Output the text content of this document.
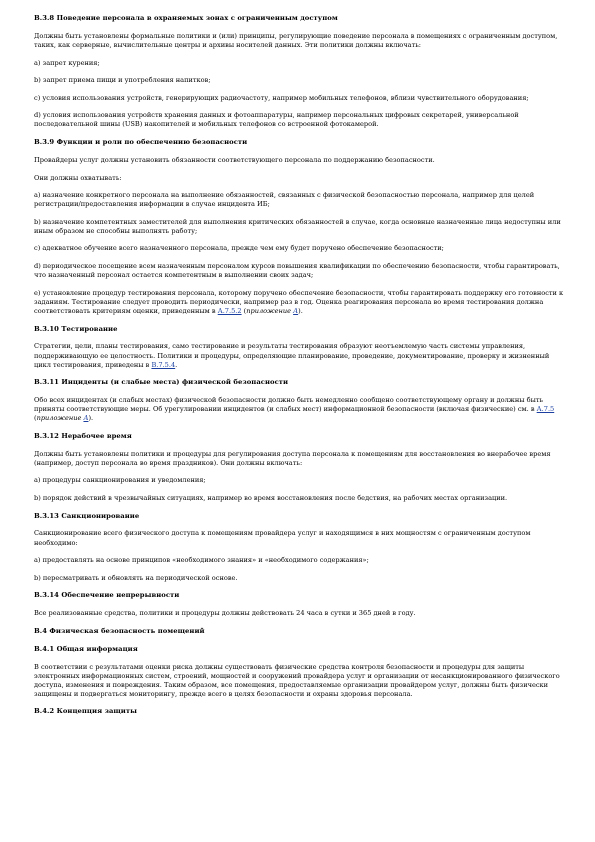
В.3.8 Поведение персонала в охраняемых зонах с ограниченным доступом
Должны быть установлены формальные политики и (или) принципы, регулирующие поведение персонала в помещениях с ограниченным доступом, таких, как серверные, вычислительные центры и архивы носителей данных. Эти политики должны включать:
a) запрет курения;
b) запрет приема пищи и употребления напитков;
c) условия использования устройств, генерирующих радиочастоту, например мобильных телефонов, вблизи чувствительного оборудования;
d) условия использования устройств хранения данных и фотоаппаратуры, например персональных цифровых секретарей, универсальной последовательной шины (USB) накопителей и мобильных телефонов со встроенной фотокамерой.
В.3.9 Функции и роли по обеспечению безопасности
Провайдеры услуг должны установить обязанности соответствующего персонала по поддержанию безопасности.
Они должны охватывать:
a) назначение конкретного персонала на выполнение обязанностей, связанных с физической безопасностью персонала, например для целей регистрации/предоставления информации в случае инцидента ИБ;
b) назначение компетентных заместителей для выполнения критических обязанностей в случае, когда основные назначенные лица недоступны или иным образом не способны выполнять работу;
c) адекватное обучение всего назначенного персонала, прежде чем ему будет поручено обеспечение безопасности;
d) периодическое посещение всем назначенным персоналом курсов повышения квалификации по обеспечению безопасности, чтобы гарантировать, что назначенный персонал остается компетентным в выполнении своих задач;
e) установление процедур тестирования персонала, которому поручено обеспечение безопасности, чтобы гарантировать поддержку его готовности к заданиям. Тестирование следует проводить периодически, например раз в год. Оценка реагирования персонала во время тестирования должна соответствовать критериям оценки, приведенным в А.7.5.2 (приложение А).
В.3.10 Тестирование
Стратегии, цели, планы тестирования, само тестирование и результаты тестирования образуют неотъемлемую часть системы управления, поддерживающую ее целостность. Политики и процедуры, определяющие планирование, проведение, документирование, проверку и жизненный цикл тестирования, приведены в В.7.5.4.
В.3.11 Инциденты (и слабые места) физической безопасности
Обо всех инцидентах (и слабых местах) физической безопасности должно быть немедленно сообщено соответствующему органу и должны быть приняты соответствующие меры. Об урегулировании инцидентов (и слабых мест) информационной безопасности (включая физические) см. в А.7.5 (приложение А).
В.3.12 Нерабочее время
Должны быть установлены политики и процедуры для регулирования доступа персонала к помещениям для восстановления во внерабочее время (например, доступ персонала во время праздников). Они должны включать:
a) процедуры санкционирования и уведомления;
b) порядок действий в чрезвычайных ситуациях, например во время восстановления после бедствия, на рабочих местах организации.
В.3.13 Санкционирование
Санкционирование всего физического доступа к помещениям провайдера услуг и находящимся в них мощностям с ограниченным доступом необходимо:
a) предоставлять на основе принципов «необходимого знания» и «необходимого содержания»;
b) пересматривать и обновлять на периодической основе.
В.3.14 Обеспечение непрерывности
Все реализованные средства, политики и процедуры должны действовать 24 часа в сутки и 365 дней в году.
В.4 Физическая безопасность помещений
В.4.1 Общая информация
В соответствии с результатами оценки риска должны существовать физические средства контроля безопасности и процедуры для защиты электронных информационных систем, строений, мощностей и сооружений провайдера услуг и организации от несанкционированного физического доступа, изменения и повреждения. Таким образом, все помещения, предоставляемые организации провайдером услуг, должны быть физически защищены и подвергаться мониторингу, прежде всего в целях безопасности и охраны здоровья персонала.
В.4.2 Концепция защиты
